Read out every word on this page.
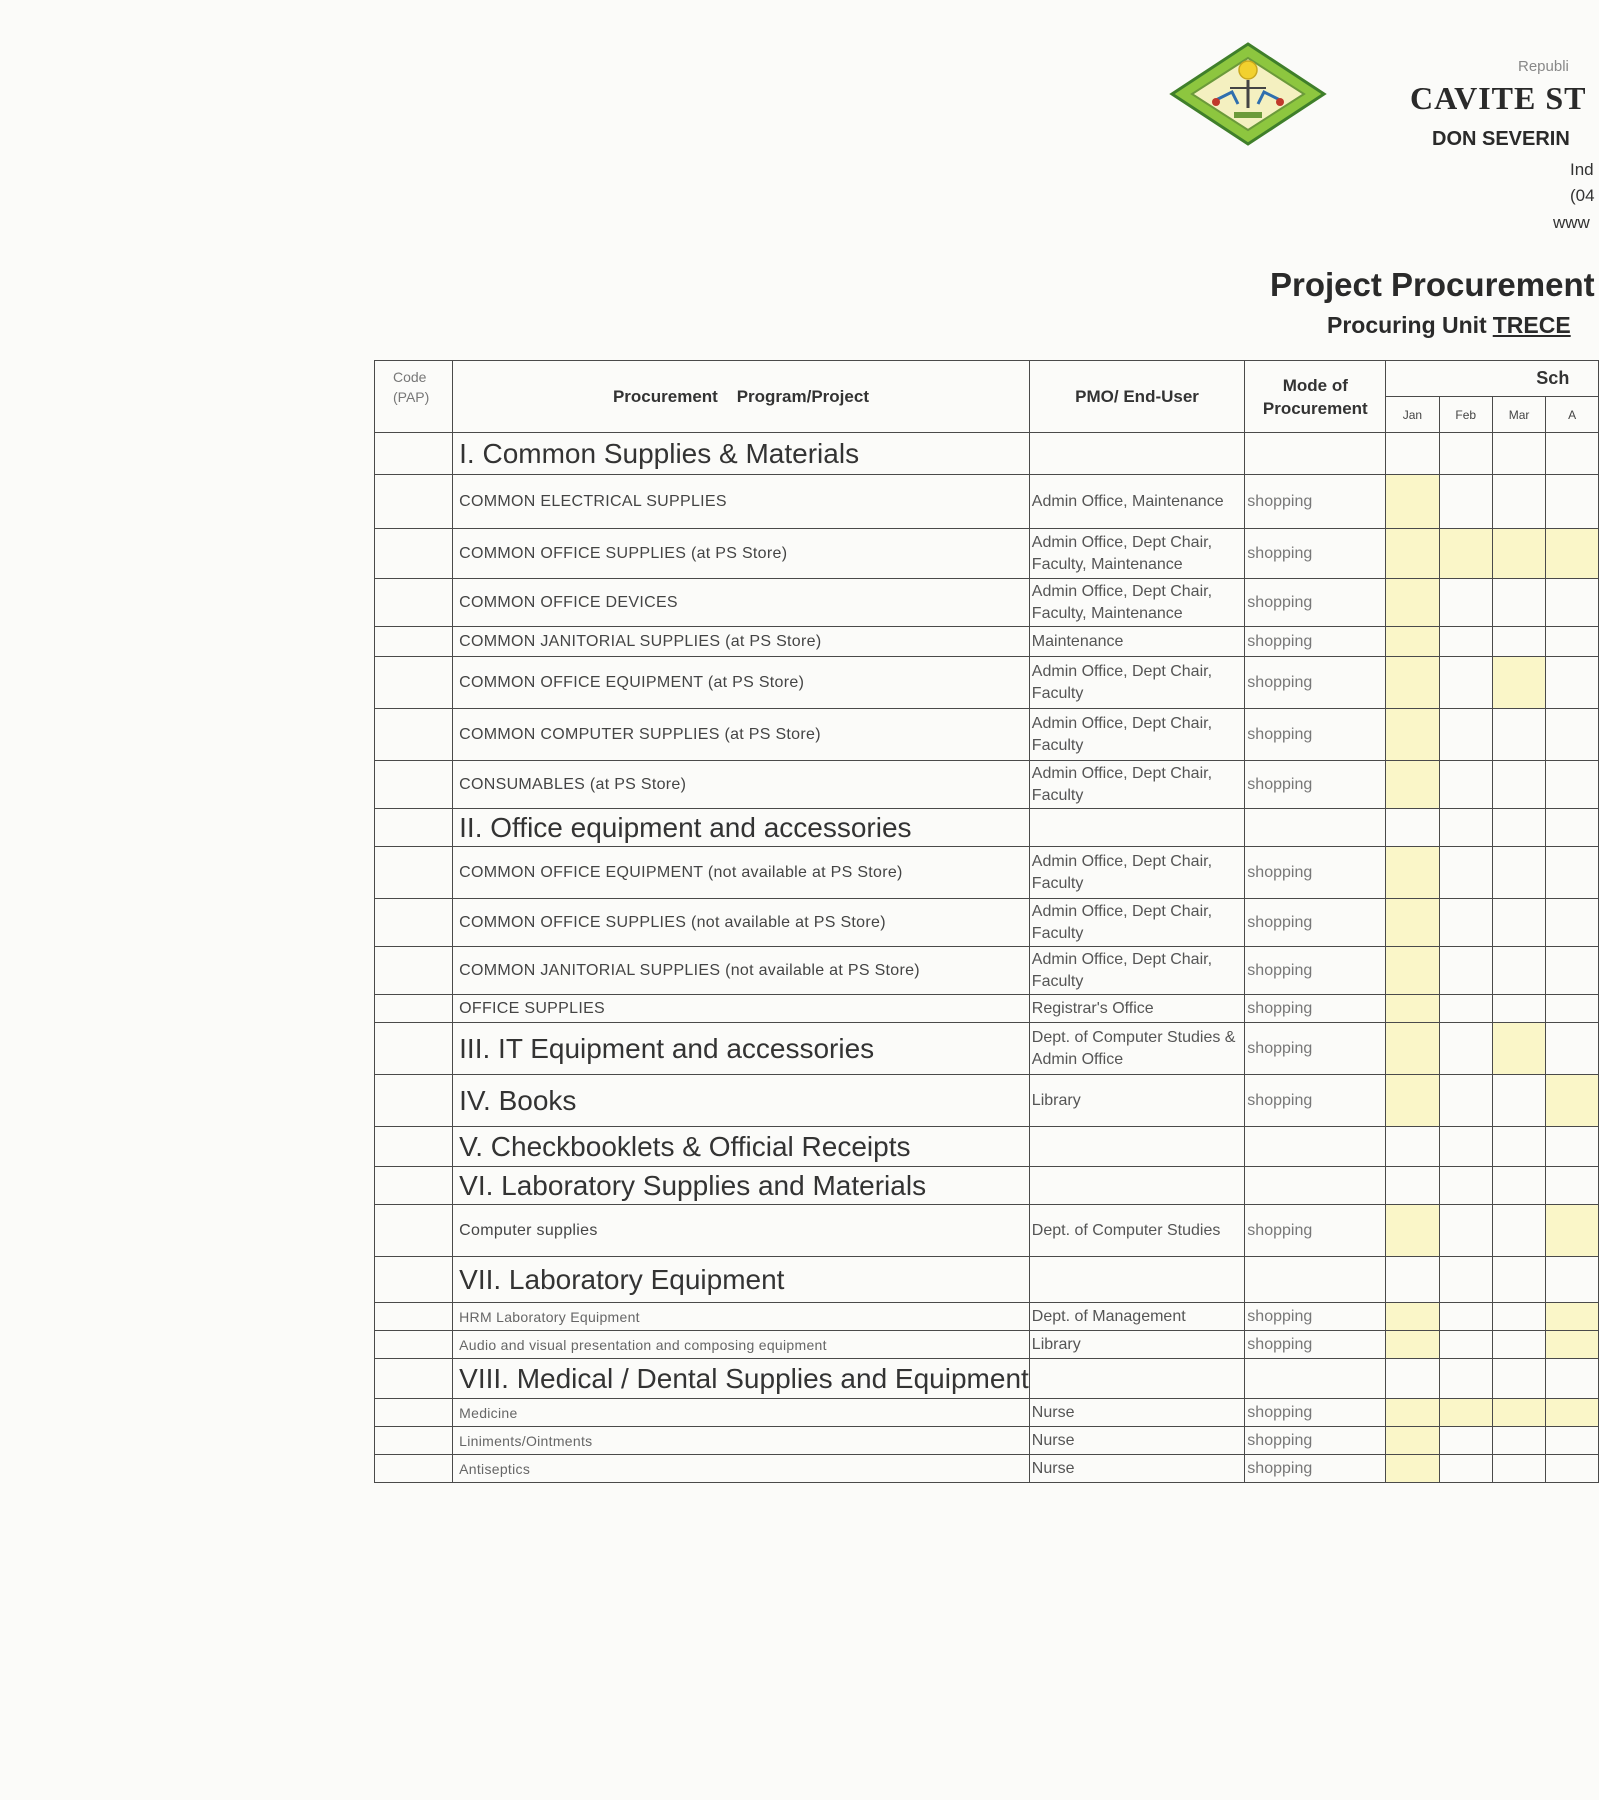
Republi
CAVITE ST
DON SEVERIN
Ind
(04
www
Project Procurement
Procuring Unit TRECE
Code (PAP)	Procurement    Program/Project	PMO/ End-User	Mode of Procurement	Sch			
				Jan	Feb	Mar	A
	I. Common Supplies & Materials						
	COMMON ELECTRICAL SUPPLIES	Admin Office, Maintenance	shopping				
	COMMON OFFICE SUPPLIES (at PS Store)	Admin Office, Dept Chair, Faculty, Maintenance	shopping				
	COMMON OFFICE DEVICES	Admin Office, Dept Chair, Faculty, Maintenance	shopping				
	COMMON JANITORIAL SUPPLIES (at PS Store)	Maintenance	shopping				
	COMMON OFFICE EQUIPMENT (at PS Store)	Admin Office, Dept Chair, Faculty	shopping				
	COMMON COMPUTER SUPPLIES (at PS Store)	Admin Office, Dept Chair, Faculty	shopping				
	CONSUMABLES (at PS Store)	Admin Office, Dept Chair, Faculty	shopping				
	II. Office equipment and accessories						
	COMMON OFFICE EQUIPMENT (not available at PS Store)	Admin Office, Dept Chair, Faculty	shopping				
	COMMON OFFICE SUPPLIES (not available at PS Store)	Admin Office, Dept Chair, Faculty	shopping				
	COMMON JANITORIAL SUPPLIES (not available at PS Store)	Admin Office, Dept Chair, Faculty	shopping				
	OFFICE SUPPLIES	Registrar's Office	shopping				
	III. IT Equipment and accessories	Dept. of Computer Studies & Admin Office	shopping				
	IV. Books	Library	shopping				
	V. Checkbooklets & Official Receipts						
	VI. Laboratory Supplies and Materials						
	Computer supplies	Dept. of Computer Studies	shopping				
	VII. Laboratory Equipment						
	HRM Laboratory Equipment	Dept. of Management	shopping				
	Audio and visual presentation and composing equipment	Library	shopping				
	VIII. Medical / Dental Supplies and Equipment						
	Medicine	Nurse	shopping				
	Liniments/Ointments	Nurse	shopping				
	Antiseptics	Nurse	shopping				
